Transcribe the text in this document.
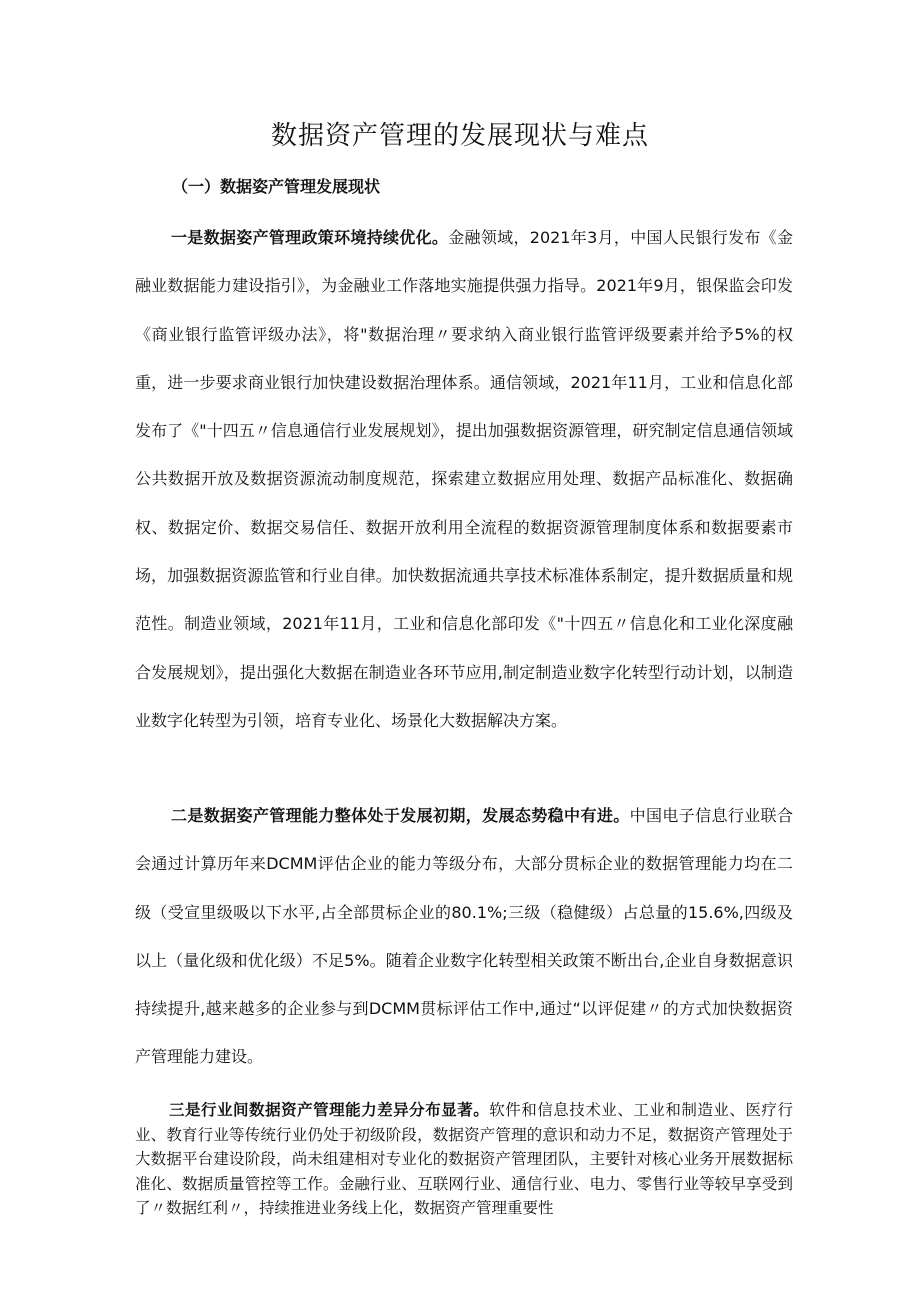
数据资产管理的发展现状与难点
（一）数据姿产管理发展现状

一是数据姿产管理政策环境持续优化。金融领域，2021年3月，中国人民银行发布《金融业数据能力建设指引》，为金融业工作落地实施提供强力指导。2021年9月，银保监会印发《商业银行监管评级办法》，将"数据治理〃要求纳入商业银行监管评级要素并给予5%的权重，进一步要求商业银行加快建设数据治理体系。通信领域，2021年11月，工业和信息化部发布了《"十四五〃信息通信行业发展规划》，提出加强数据资源管理，研究制定信息通信领域公共数据开放及数据资源流动制度规范，探索建立数据应用处理、数据产品标准化、数据确权、数据定价、数据交易信任、数据开放利用全流程的数据资源管理制度体系和数据要素市场，加强数据资源监管和行业自律。加快数据流通共享技术标准体系制定，提升数据质量和规范性。制造业领域，2021年11月，工业和信息化部印发《"十四五〃信息化和工业化深度融合发展规划》，提出强化大数据在制造业各环节应用,制定制造业数字化转型行动计划，以制造业数字化转型为引领，培育专业化、场景化大数据解决方案。

二是数据姿产管理能力整体处于发展初期，发展态势稳中有进。中国电子信息行业联合会通过计算历年来DCMM评估企业的能力等级分布，大部分贯标企业的数据管理能力均在二级（受宣里级吸以下水平,占全部贯标企业的80.1%;三级（稳健级）占总量的15.6%,四级及以上（量化级和优化级）不足5%。随着企业数字化转型相关政策不断出台,企业自身数据意识持续提升,越来越多的企业参与到DCMM贯标评估工作中,通过“以评促建〃的方式加快数据资产管理能力建设。

三是行业间数据资产管理能力差异分布显著。软件和信息技术业、工业和制造业、医疗行业、教育行业等传统行业仍处于初级阶段，数据资产管理的意识和动力不足，数据资产管理处于大数据平台建设阶段，尚未组建相对专业化的数据资产管理团队，主要针对核心业务开展数据标准化、数据质量管控等工作。金融行业、互联网行业、通信行业、电力、零售行业等较早享受到了〃数据红利〃，持续推进业务线上化，数据资产管理重要性
